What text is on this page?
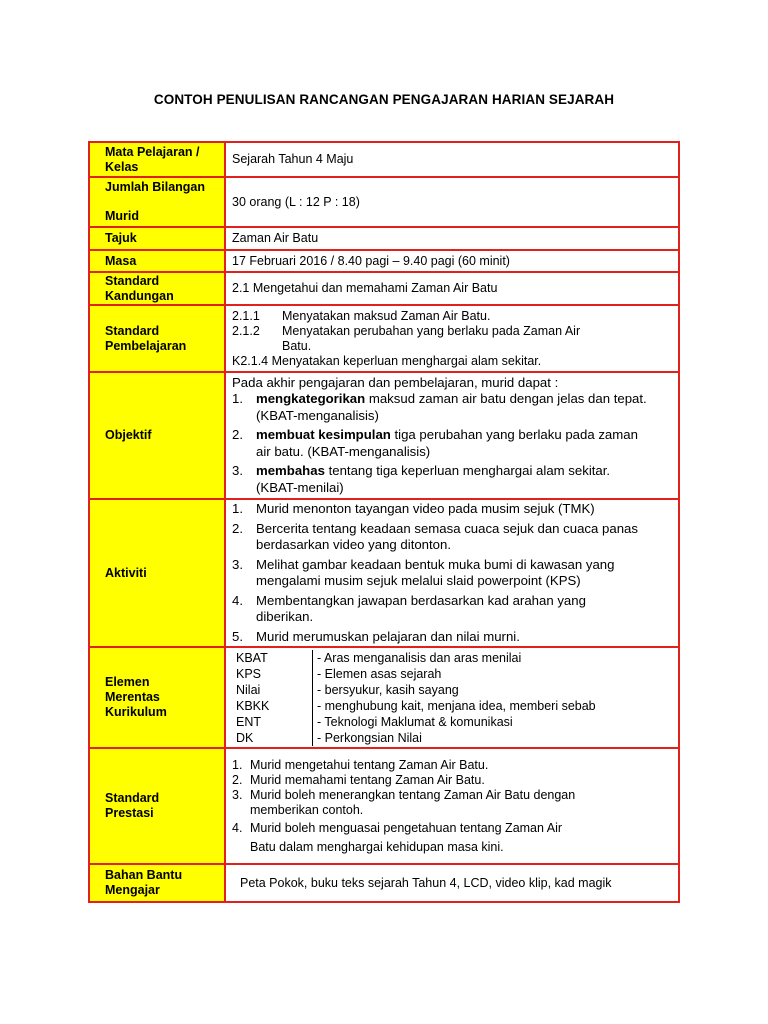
CONTOH PENULISAN RANCANGAN PENGAJARAN HARIAN SEJARAH
Mata Pelajaran /
Kelas
	Sejarah Tahun 4 Maju

Jumlah Bilangan
Murid
	30 orang (L : 12 P : 18)
Tajuk	Zaman Air Batu
Masa	17 Februari 2016 / 8.40 pagi – 9.40 pagi (60 minit)

Standard
Kandungan
	2.1 Mengetahui dan memahami Zaman Air Batu

Standard
Pembelajaran

2.1.1	Menyatakan maksud Zaman Air Batu.
2.1.2	Menyatakan perubahan yang berlaku pada Zaman Air
Batu.
K2.1.4 Menyatakan keperluan menghargai alam sekitar.

Objektif	
Pada akhir pengajaran dan pembelajaran, murid dapat :
1. mengkategorikan maksud zaman air batu dengan jelas dan tepat.
(KBAT-menganalisis)
2. membuat kesimpulan tiga perubahan yang berlaku pada zaman
air batu. (KBAT-menganalisis)
3. membahas tentang tiga keperluan menghargai alam sekitar.
(KBAT-menilai)

Aktiviti	
1. Murid menonton tayangan video pada musim sejuk (TMK)
2. Bercerita tentang keadaan semasa cuaca sejuk dan cuaca panas
berdasarkan video yang ditonton.
3. Melihat gambar keadaan bentuk muka bumi di kawasan yang
mengalami musim sejuk melalui slaid powerpoint (KPS)
4. Membentangkan jawapan berdasarkan kad arahan yang
diberikan.
5. Murid merumuskan pelajaran dan nilai murni.

Elemen
Merentas
Kurikulum

KBAT	- Aras menganalisis dan aras menilai
KPS	- Elemen asas sejarah
Nilai	- bersyukur, kasih sayang
KBKK	- menghubung kait, menjana idea, memberi sebab
ENT	- Teknologi Maklumat & komunikasi
DK	- Perkongsian Nilai

Standard
Prestasi

1. Murid mengetahui tentang Zaman Air Batu.
2. Murid memahami tentang Zaman Air Batu.
3. Murid boleh menerangkan tentang Zaman Air Batu dengan
memberikan contoh.
4. Murid boleh menguasai pengetahuan tentang Zaman Air
Batu dalam menghargai kehidupan masa kini.

Bahan Bantu
Mengajar
	Peta Pokok, buku teks sejarah Tahun 4, LCD, video klip, kad magik
